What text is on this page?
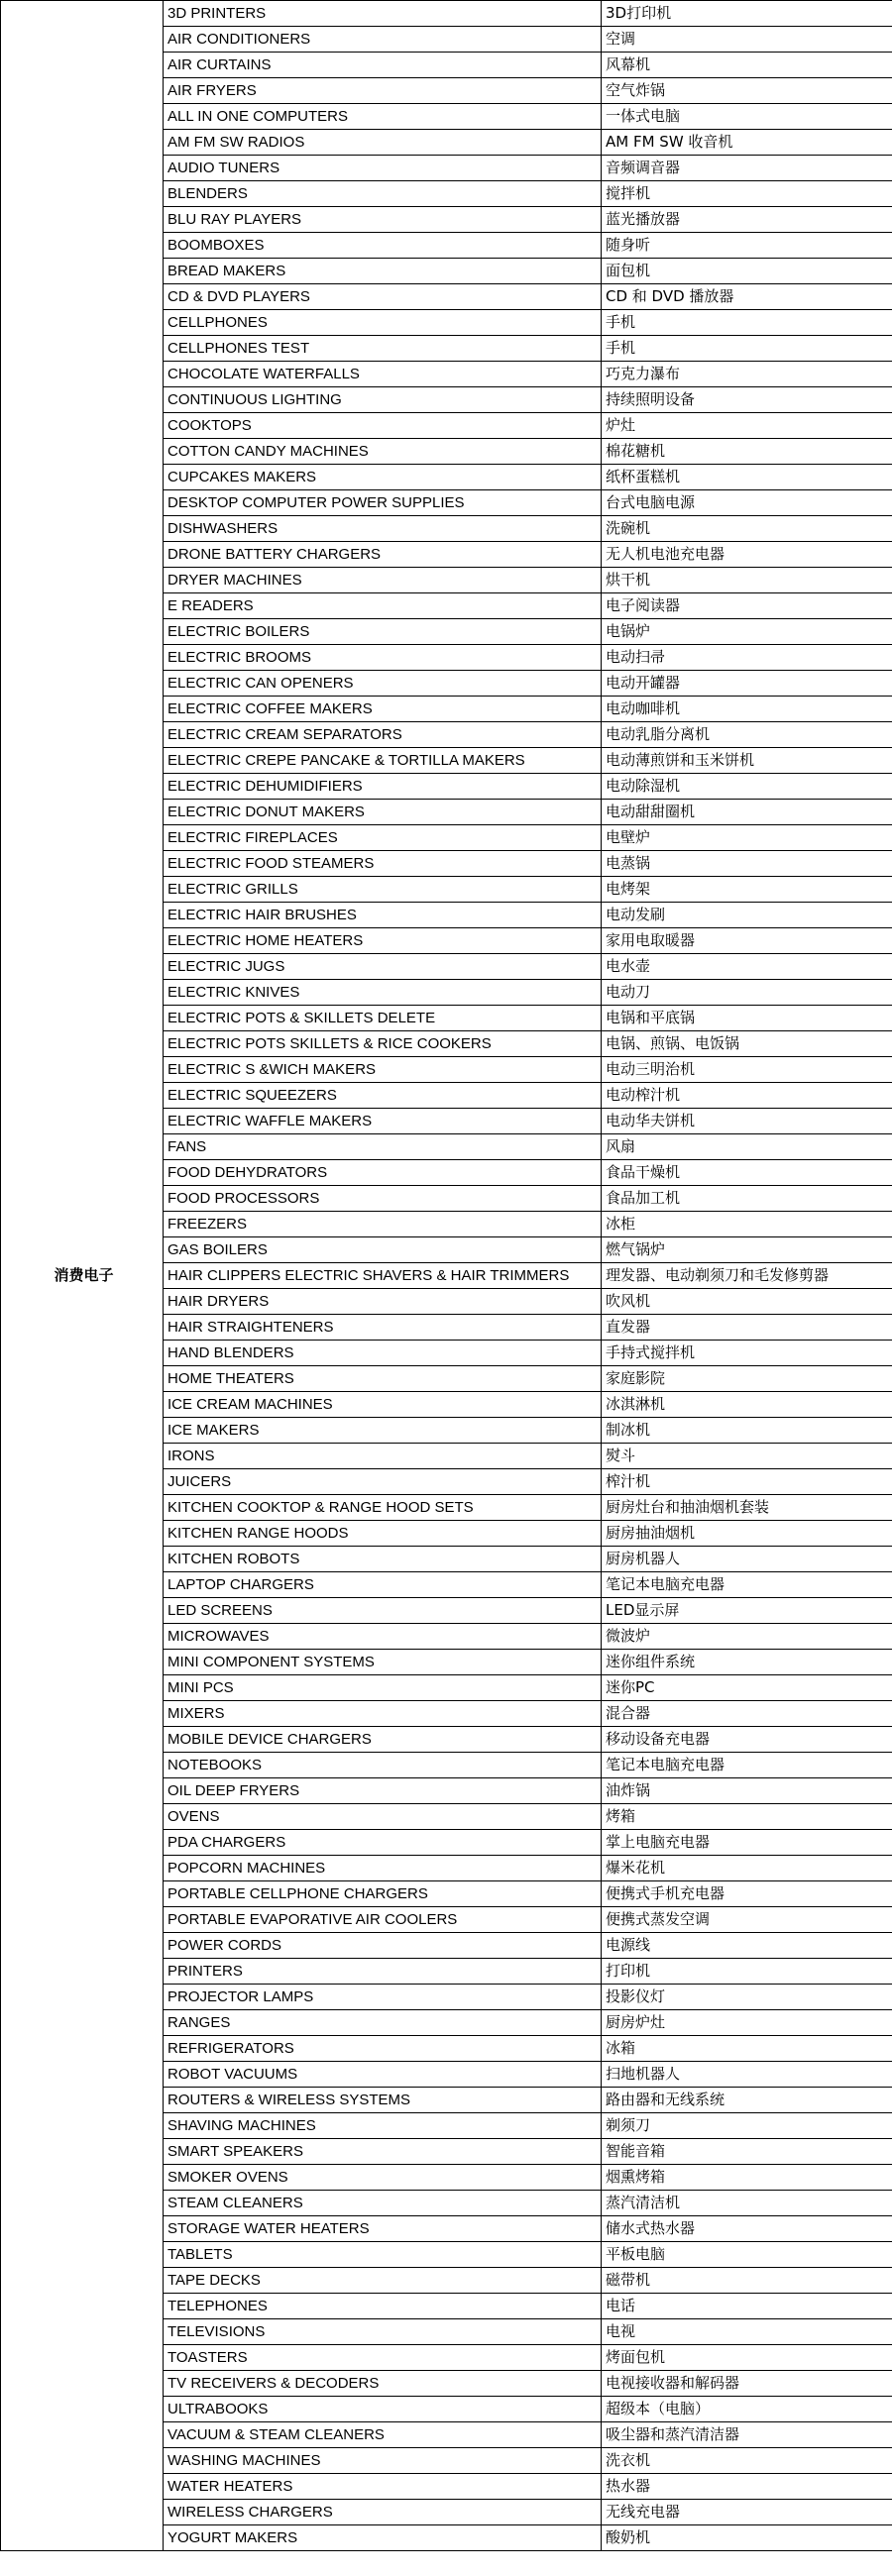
消费电子	3D PRINTERS	3D打印机
	AIR CONDITIONERS	空调
	AIR CURTAINS	风幕机
	AIR FRYERS	空气炸锅
	ALL IN ONE COMPUTERS	一体式电脑
	AM FM SW RADIOS	AM FM SW 收音机
	AUDIO TUNERS	音频调音器
	BLENDERS	搅拌机
	BLU RAY PLAYERS	蓝光播放器
	BOOMBOXES	随身听
	BREAD MAKERS	面包机
	CD & DVD PLAYERS	CD 和 DVD 播放器
	CELLPHONES	手机
	CELLPHONES TEST	手机
	CHOCOLATE WATERFALLS	巧克力瀑布
	CONTINUOUS LIGHTING	持续照明设备
	COOKTOPS	炉灶
	COTTON CANDY MACHINES	棉花糖机
	CUPCAKES MAKERS	纸杯蛋糕机
	DESKTOP COMPUTER POWER SUPPLIES	台式电脑电源
	DISHWASHERS	洗碗机
	DRONE BATTERY CHARGERS	无人机电池充电器
	DRYER MACHINES	烘干机
	E READERS	电子阅读器
	ELECTRIC BOILERS	电锅炉
	ELECTRIC BROOMS	电动扫帚
	ELECTRIC CAN OPENERS	电动开罐器
	ELECTRIC COFFEE MAKERS	电动咖啡机
	ELECTRIC CREAM SEPARATORS	电动乳脂分离机
	ELECTRIC CREPE PANCAKE & TORTILLA MAKERS	电动薄煎饼和玉米饼机
	ELECTRIC DEHUMIDIFIERS	电动除湿机
	ELECTRIC DONUT MAKERS	电动甜甜圈机
	ELECTRIC FIREPLACES	电壁炉
	ELECTRIC FOOD STEAMERS	电蒸锅
	ELECTRIC GRILLS	电烤架
	ELECTRIC HAIR BRUSHES	电动发刷
	ELECTRIC HOME HEATERS	家用电取暖器
	ELECTRIC JUGS	电水壶
	ELECTRIC KNIVES	电动刀
	ELECTRIC POTS & SKILLETS DELETE	电锅和平底锅
	ELECTRIC POTS SKILLETS & RICE COOKERS	电锅、煎锅、电饭锅
	ELECTRIC S &WICH MAKERS	电动三明治机
	ELECTRIC SQUEEZERS	电动榨汁机
	ELECTRIC WAFFLE MAKERS	电动华夫饼机
	FANS	风扇
	FOOD DEHYDRATORS	食品干燥机
	FOOD PROCESSORS	食品加工机
	FREEZERS	冰柜
	GAS BOILERS	燃气锅炉
	HAIR CLIPPERS ELECTRIC SHAVERS & HAIR TRIMMERS	理发器、电动剃须刀和毛发修剪器
	HAIR DRYERS	吹风机
	HAIR STRAIGHTENERS	直发器
	HAND BLENDERS	手持式搅拌机
	HOME THEATERS	家庭影院
	ICE CREAM MACHINES	冰淇淋机
	ICE MAKERS	制冰机
	IRONS	熨斗
	JUICERS	榨汁机
	KITCHEN COOKTOP & RANGE HOOD SETS	厨房灶台和抽油烟机套装
	KITCHEN RANGE HOODS	厨房抽油烟机
	KITCHEN ROBOTS	厨房机器人
	LAPTOP CHARGERS	笔记本电脑充电器
	LED SCREENS	LED显示屏
	MICROWAVES	微波炉
	MINI COMPONENT SYSTEMS	迷你组件系统
	MINI PCS	迷你PC
	MIXERS	混合器
	MOBILE DEVICE CHARGERS	移动设备充电器
	NOTEBOOKS	笔记本电脑充电器
	OIL DEEP FRYERS	油炸锅
	OVENS	烤箱
	PDA CHARGERS	掌上电脑充电器
	POPCORN MACHINES	爆米花机
	PORTABLE CELLPHONE CHARGERS	便携式手机充电器
	PORTABLE EVAPORATIVE AIR COOLERS	便携式蒸发空调
	POWER CORDS	电源线
	PRINTERS	打印机
	PROJECTOR LAMPS	投影仪灯
	RANGES	厨房炉灶
	REFRIGERATORS	冰箱
	ROBOT VACUUMS	扫地机器人
	ROUTERS & WIRELESS SYSTEMS	路由器和无线系统
	SHAVING MACHINES	剃须刀
	SMART SPEAKERS	智能音箱
	SMOKER OVENS	烟熏烤箱
	STEAM CLEANERS	蒸汽清洁机
	STORAGE WATER HEATERS	储水式热水器
	TABLETS	平板电脑
	TAPE DECKS	磁带机
	TELEPHONES	电话
	TELEVISIONS	电视
	TOASTERS	烤面包机
	TV RECEIVERS & DECODERS	电视接收器和解码器
	ULTRABOOKS	超级本（电脑）
	VACUUM & STEAM CLEANERS	吸尘器和蒸汽清洁器
	WASHING MACHINES	洗衣机
	WATER HEATERS	热水器
	WIRELESS CHARGERS	无线充电器
	YOGURT MAKERS	酸奶机
